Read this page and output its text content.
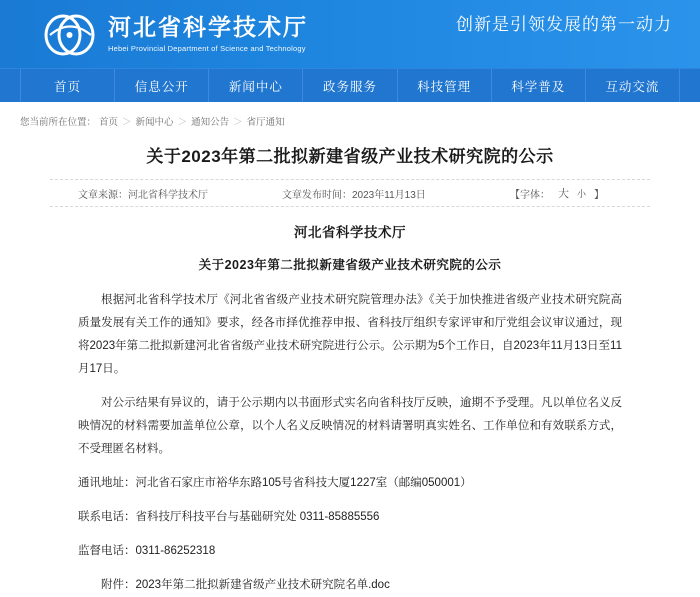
河北省科学技术厅
Hebei Provincial Department of Science and Technology
创新是引领发展的第一动力
首页	信息公开	新闻中心	政务服务	科技管理	科学普及	互动交流
您当前所在位置： 首页 ＞ 新闻中心 ＞ 通知公告 ＞ 省厅通知
关于2023年第二批拟新建省级产业技术研究院的公示
文章来源：河北省科学技术厅	文章发布时间：2023年11月13日	【字体： 大 小 】
河北省科学技术厅
关于2023年第二批拟新建省级产业技术研究院的公示

根据河北省科学技术厅《河北省省级产业技术研究院管理办法》《关于加快推进省级产业技术研究院高质量发展有关工作的通知》要求，经各市择优推荐申报、省科技厅组织专家评审和厅党组会议审议通过，现将2023年第二批拟新建河北省省级产业技术研究院进行公示。公示期为5个工作日，自2023年11月13日至11月17日。

对公示结果有异议的，请于公示期内以书面形式实名向省科技厅反映，逾期不予受理。凡以单位名义反映情况的材料需要加盖单位公章，以个人名义反映情况的材料请署明真实姓名、工作单位和有效联系方式，不受理匿名材料。

通讯地址：河北省石家庄市裕华东路105号省科技大厦1227室（邮编050001）

联系电话：省科技厅科技平台与基础研究处 0311-85885556

监督电话：0311-86252318

附件：2023年第二批拟新建省级产业技术研究院名单.doc
